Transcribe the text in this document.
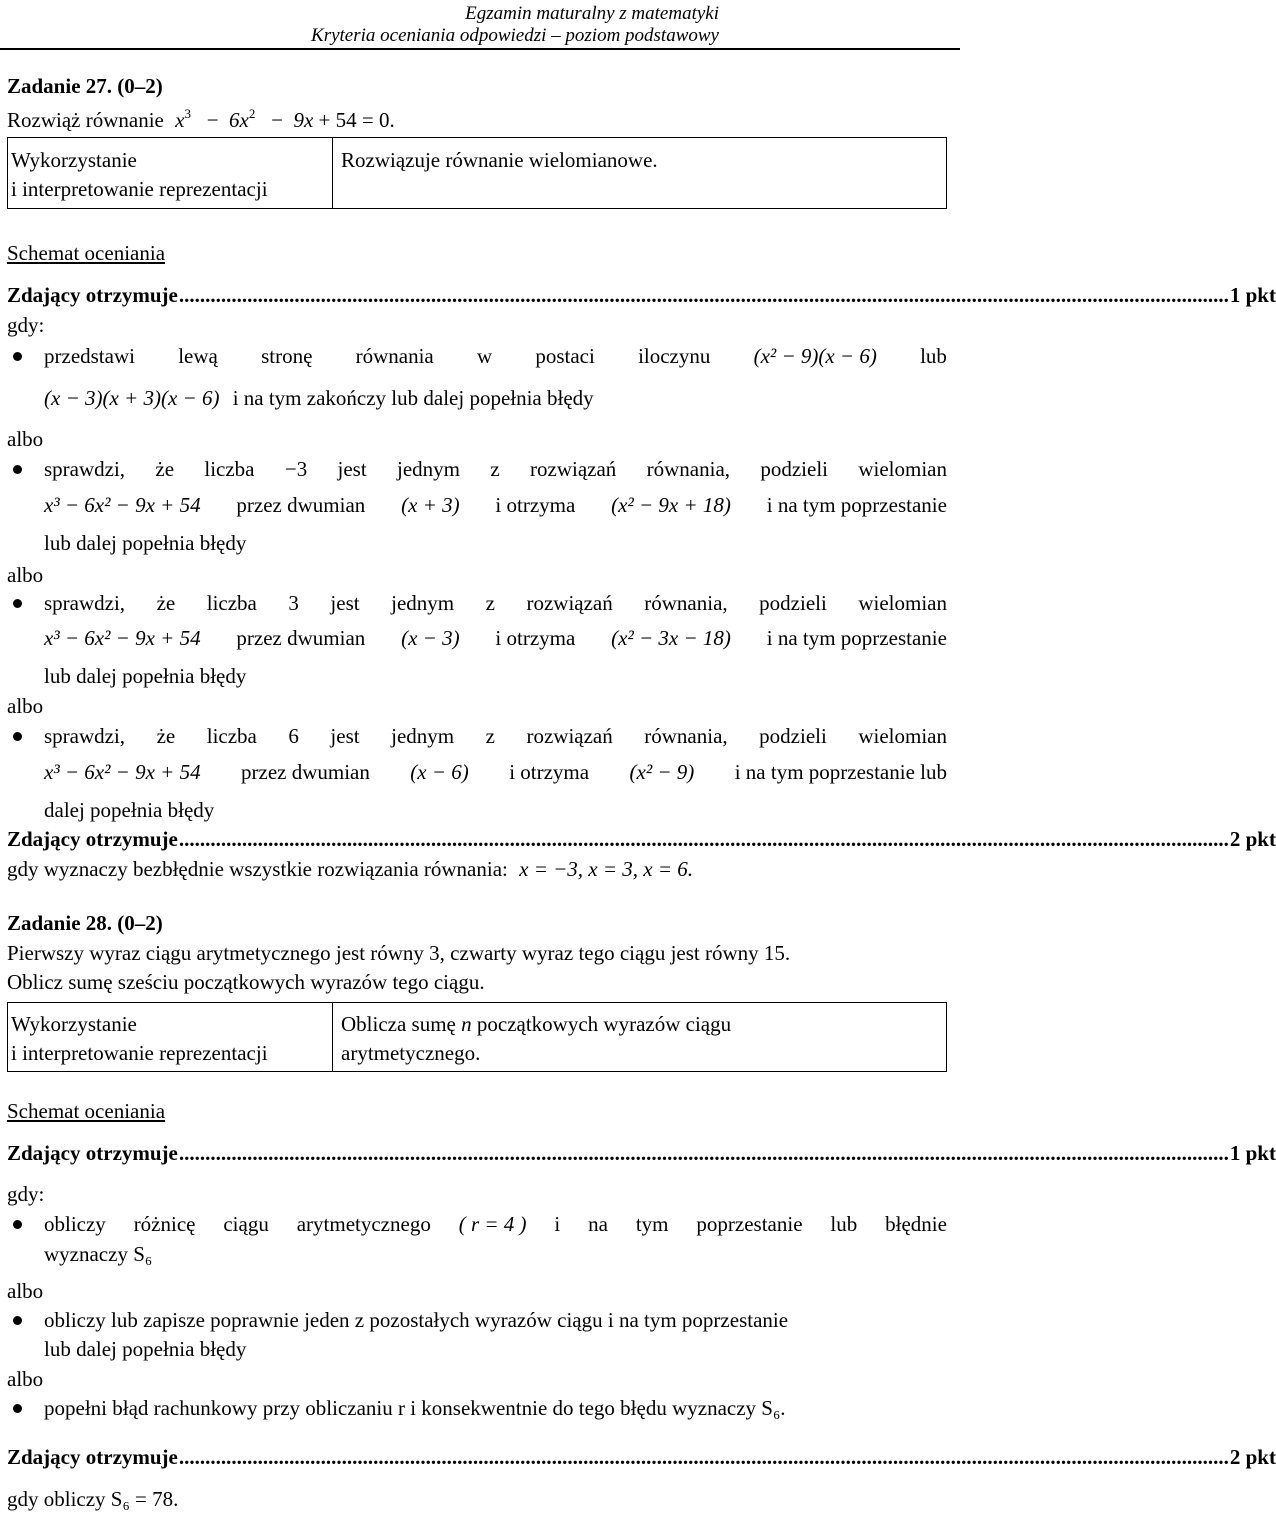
Egzamin maturalny z matematyki
Kryteria oceniania odpowiedzi – poziom podstawowy
Zadanie 27. (0–2)
Rozwiąż równanie $x^3 - 6x^2 - 9x + 54 = 0$.
Wykorzystanie
i interpretowanie reprezentacji
Rozwiązuje równanie wielomianowe.
Schemat oceniania
Zdający otrzymuje ........................................................................................................................................................................................................ 1 pkt
gdy:
przedstawi lewą stronę równania w postaci iloczynu (x² − 9)(x − 6) lub
(x − 3)(x + 3)(x − 6) i na tym zakończy lub dalej popełnia błędy
albo
sprawdzi, że liczba −3 jest jednym z rozwiązań równania, podzieli wielomian
x³ − 6x² − 9x + 54 przez dwumian (x + 3) i otrzyma (x² − 9x + 18) i na tym poprzestanie
lub dalej popełnia błędy
albo
sprawdzi, że liczba 3 jest jednym z rozwiązań równania, podzieli wielomian
x³ − 6x² − 9x + 54 przez dwumian (x − 3) i otrzyma (x² − 3x − 18) i na tym poprzestanie
lub dalej popełnia błędy
albo
sprawdzi, że liczba 6 jest jednym z rozwiązań równania, podzieli wielomian
x³ − 6x² − 9x + 54 przez dwumian (x − 6) i otrzyma (x² − 9) i na tym poprzestanie lub
dalej popełnia błędy
Zdający otrzymuje ........................................................................................................................................................................................................ 2 pkt
gdy wyznaczy bezbłędnie wszystkie rozwiązania równania: x = −3, x = 3, x = 6.
Zadanie 28. (0–2)
Pierwszy wyraz ciągu arytmetycznego jest równy 3, czwarty wyraz tego ciągu jest równy 15.
Oblicz sumę sześciu początkowych wyrazów tego ciągu.
Wykorzystanie
i interpretowanie reprezentacji
Oblicza sumę n początkowych wyrazów ciągu
arytmetycznego.
Schemat oceniania
Zdający otrzymuje ........................................................................................................................................................................................................ 1 pkt
gdy:
obliczy różnicę ciągu arytmetycznego ( r = 4 ) i na tym poprzestanie lub błędnie
wyznaczy S₆
albo
obliczy lub zapisze poprawnie jeden z pozostałych wyrazów ciągu i na tym poprzestanie
lub dalej popełnia błędy
albo
popełni błąd rachunkowy przy obliczaniu r i konsekwentnie do tego błędu wyznaczy S₆.
Zdający otrzymuje ........................................................................................................................................................................................................ 2 pkt
gdy obliczy S₆ = 78.
